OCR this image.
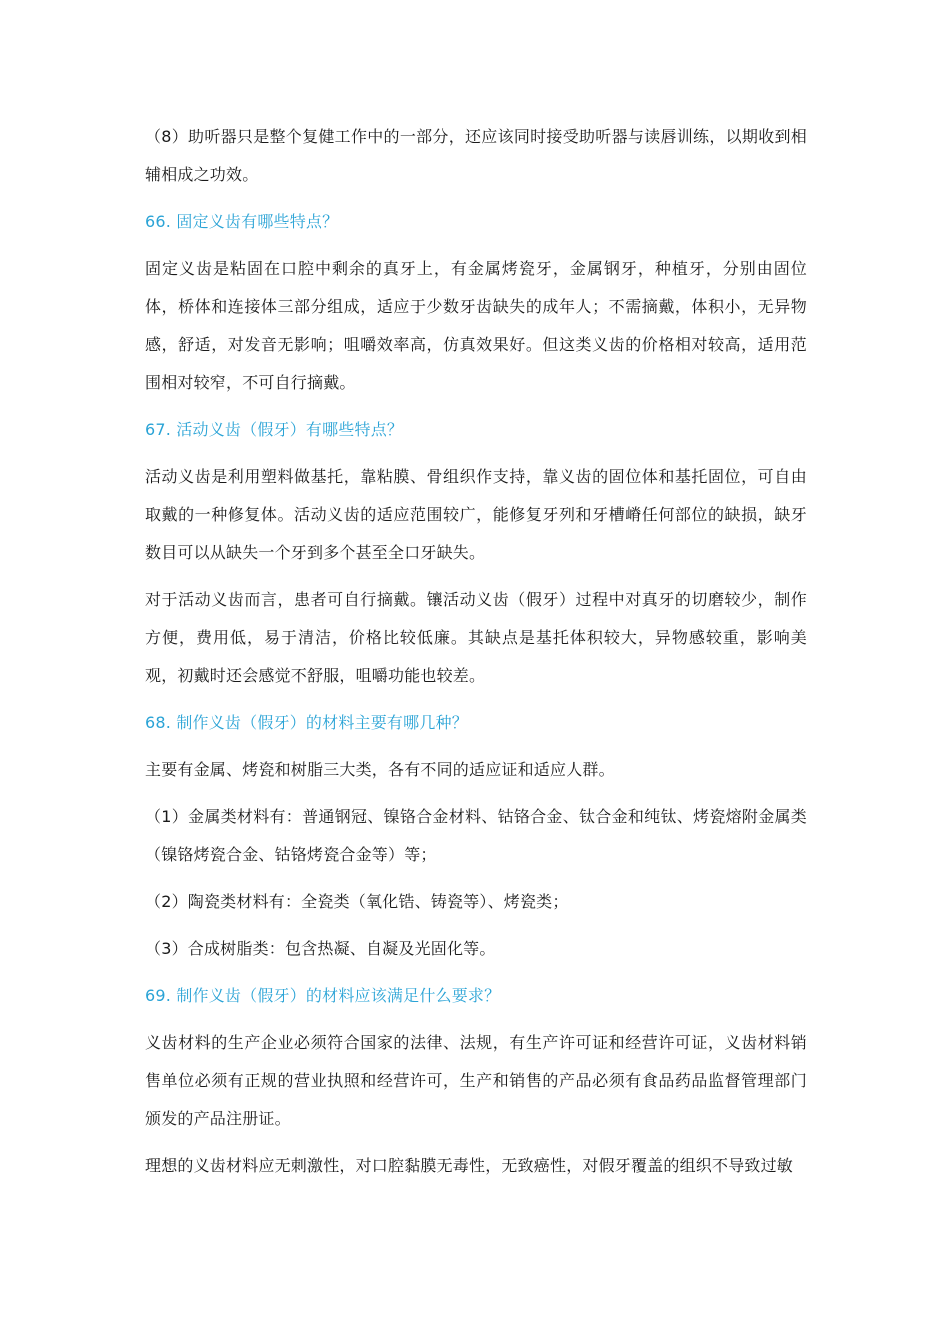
（8）助听器只是整个复健工作中的一部分，还应该同时接受助听器与读唇训练，以期收到相辅相成之功效。

66. 固定义齿有哪些特点？

固定义齿是粘固在口腔中剩余的真牙上，有金属烤瓷牙，金属钢牙，种植牙，分别由固位体，桥体和连接体三部分组成，适应于少数牙齿缺失的成年人；不需摘戴，体积小，无异物感，舒适，对发音无影响；咀嚼效率高，仿真效果好。但这类义齿的价格相对较高，适用范围相对较窄，不可自行摘戴。

67. 活动义齿（假牙）有哪些特点？

活动义齿是利用塑料做基托，靠粘膜、骨组织作支持，靠义齿的固位体和基托固位，可自由取戴的一种修复体。活动义齿的适应范围较广，能修复牙列和牙槽嵴任何部位的缺损，缺牙数目可以从缺失一个牙到多个甚至全口牙缺失。

对于活动义齿而言，患者可自行摘戴。镶活动义齿（假牙）过程中对真牙的切磨较少，制作方便，费用低，易于清洁，价格比较低廉。其缺点是基托体积较大，异物感较重，影响美观，初戴时还会感觉不舒服，咀嚼功能也较差。

68. 制作义齿（假牙）的材料主要有哪几种？

主要有金属、烤瓷和树脂三大类，各有不同的适应证和适应人群。

（1）金属类材料有：普通钢冠、镍铬合金材料、钴铬合金、钛合金和纯钛、烤瓷熔附金属类（镍铬烤瓷合金、钴铬烤瓷合金等）等；

（2）陶瓷类材料有：全瓷类（氧化锆、铸瓷等）、烤瓷类；

（3）合成树脂类：包含热凝、自凝及光固化等。

69. 制作义齿（假牙）的材料应该满足什么要求？

义齿材料的生产企业必须符合国家的法律、法规，有生产许可证和经营许可证，义齿材料销售单位必须有正规的营业执照和经营许可，生产和销售的产品必须有食品药品监督管理部门颁发的产品注册证。

理想的义齿材料应无刺激性，对口腔黏膜无毒性，无致癌性，对假牙覆盖的组织不导致过敏
